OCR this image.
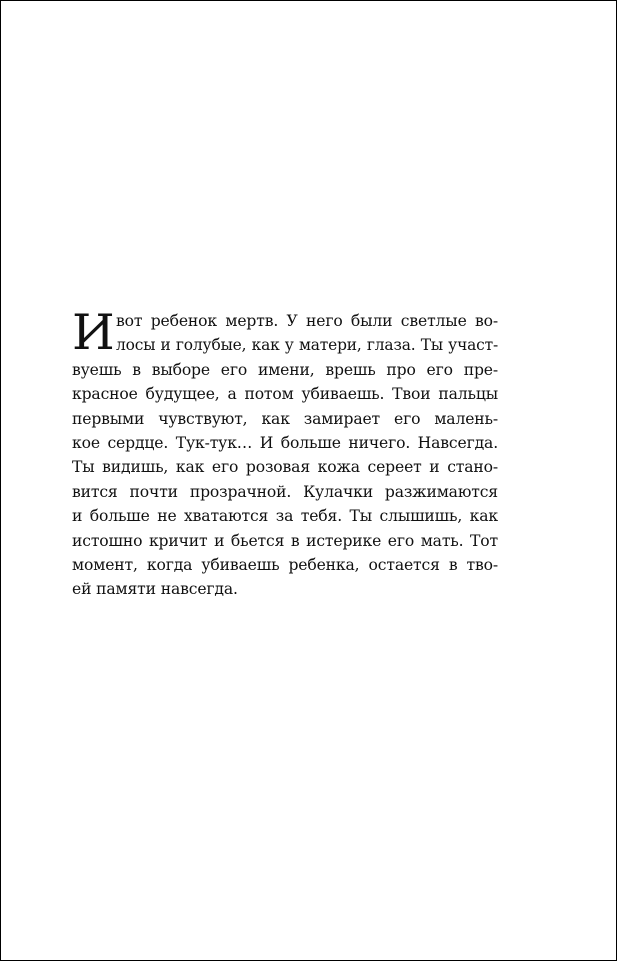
И вот ребенок мертв. У него были светлые во-
лосы и голубые, как у матери, глаза. Ты участ-
вуешь в выборе его имени, врешь про его пре-
красное будущее, а потом убиваешь. Твои пальцы
первыми чувствуют, как замирает его малень-
кое сердце. Тук-тук… И больше ничего. Навсегда.
Ты видишь, как его розовая кожа сереет и стано-
вится почти прозрачной. Кулачки разжимаются
и больше не хватаются за тебя. Ты слышишь, как
истошно кричит и бьется в истерике его мать. Тот
момент, когда убиваешь ребенка, остается в тво-
ей памяти навсегда.
